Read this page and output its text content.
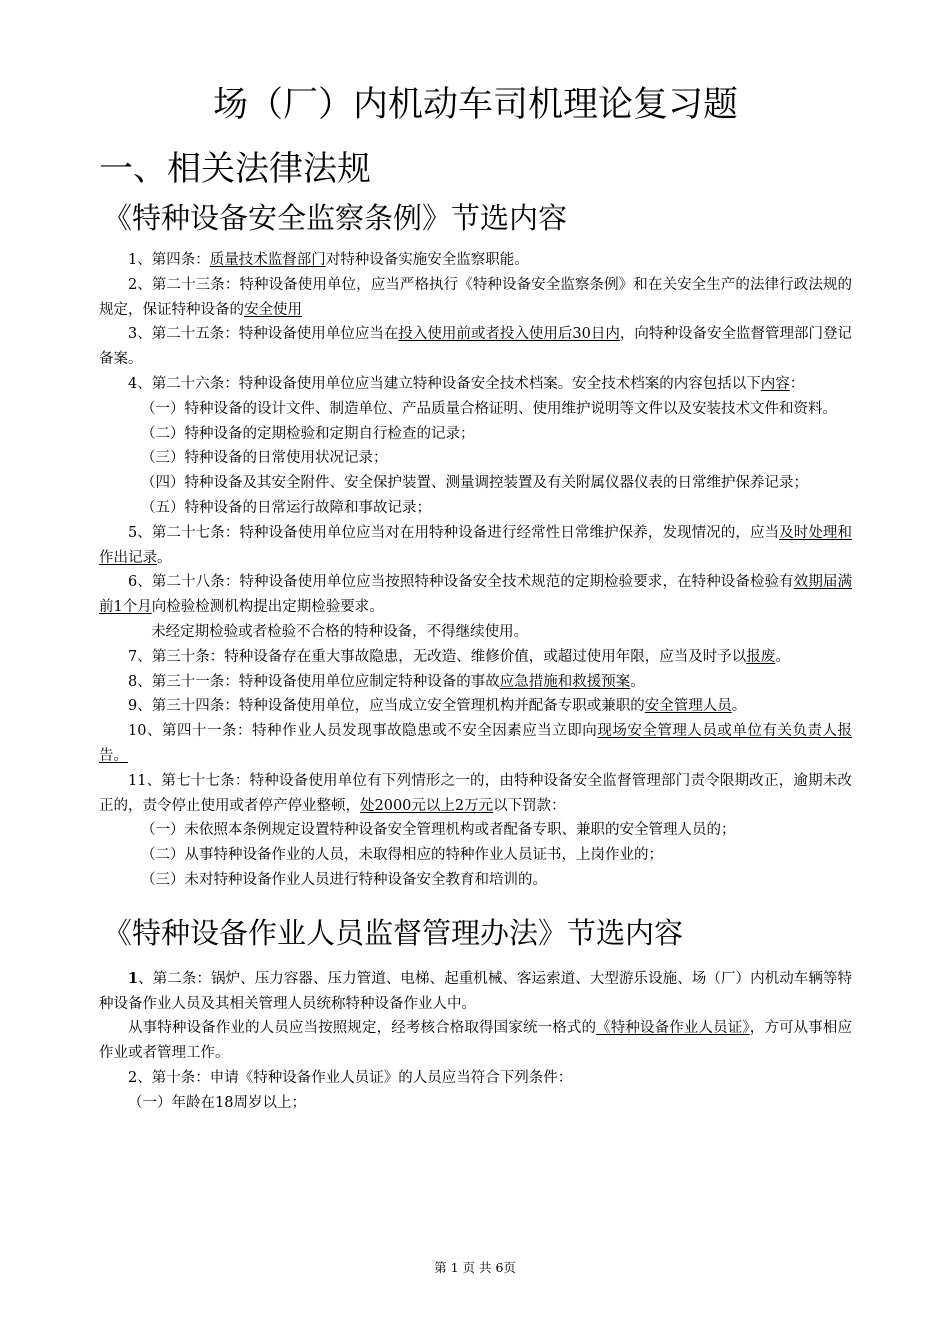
场（厂）内机动车司机理论复习题
一、相关法律法规
《特种设备安全监察条例》节选内容

1、第四条：质量技术监督部门对特种设备实施安全监察职能。

2、第二十三条：特种设备使用单位，应当严格执行《特种设备安全监察条例》和在关安全生产的法律行政法规的规定，保证特种设备的安全使用

3、第二十五条：特种设备使用单位应当在投入使用前或者投入使用后30日内，向特种设备安全监督管理部门登记备案。

4、第二十六条：特种设备使用单位应当建立特种设备安全技术档案。安全技术档案的内容包括以下内容：

（一）特种设备的设计文件、制造单位、产品质量合格证明、使用维护说明等文件以及安装技术文件和资料。

（二）特种设备的定期检验和定期自行检查的记录；

（三）特种设备的日常使用状况记录；

（四）特种设备及其安全附件、安全保护装置、测量调控装置及有关附属仪器仪表的日常维护保养记录；

（五）特种设备的日常运行故障和事故记录；

5、第二十七条：特种设备使用单位应当对在用特种设备进行经常性日常维护保养，发现情况的，应当及时处理和作出记录。

6、第二十八条：特种设备使用单位应当按照特种设备安全技术规范的定期检验要求，在特种设备检验有效期届满前1个月向检验检测机构提出定期检验要求。

未经定期检验或者检验不合格的特种设备，不得继续使用。

7、第三十条：特种设备存在重大事故隐患，无改造、维修价值，或超过使用年限，应当及时予以报废。

8、第三十一条：特种设备使用单位应制定特种设备的事故应急措施和救援预案。

9、第三十四条：特种设备使用单位，应当成立安全管理机构并配备专职或兼职的安全管理人员。

10、第四十一条：特种作业人员发现事故隐患或不安全因素应当立即向现场安全管理人员或单位有关负责人报告。

11、第七十七条：特种设备使用单位有下列情形之一的，由特种设备安全监督管理部门责令限期改正，逾期未改正的，责令停止使用或者停产停业整顿，处2000元以上2万元以下罚款：

（一）未依照本条例规定设置特种设备安全管理机构或者配备专职、兼职的安全管理人员的；

（二）从事特种设备作业的人员，未取得相应的特种作业人员证书，上岗作业的；

（三）未对特种设备作业人员进行特种设备安全教育和培训的。

《特种设备作业人员监督管理办法》节选内容

1、第二条：锅炉、压力容器、压力管道、电梯、起重机械、客运索道、大型游乐设施、场（厂）内机动车辆等特种设备作业人员及其相关管理人员统称特种设备作业人中。

从事特种设备作业的人员应当按照规定，经考核合格取得国家统一格式的《特种设备作业人员证》，方可从事相应作业或者管理工作。

2、第十条：申请《特种设备作业人员证》的人员应当符合下列条件：

（一）年龄在18周岁以上；

第 1 页 共 6页
